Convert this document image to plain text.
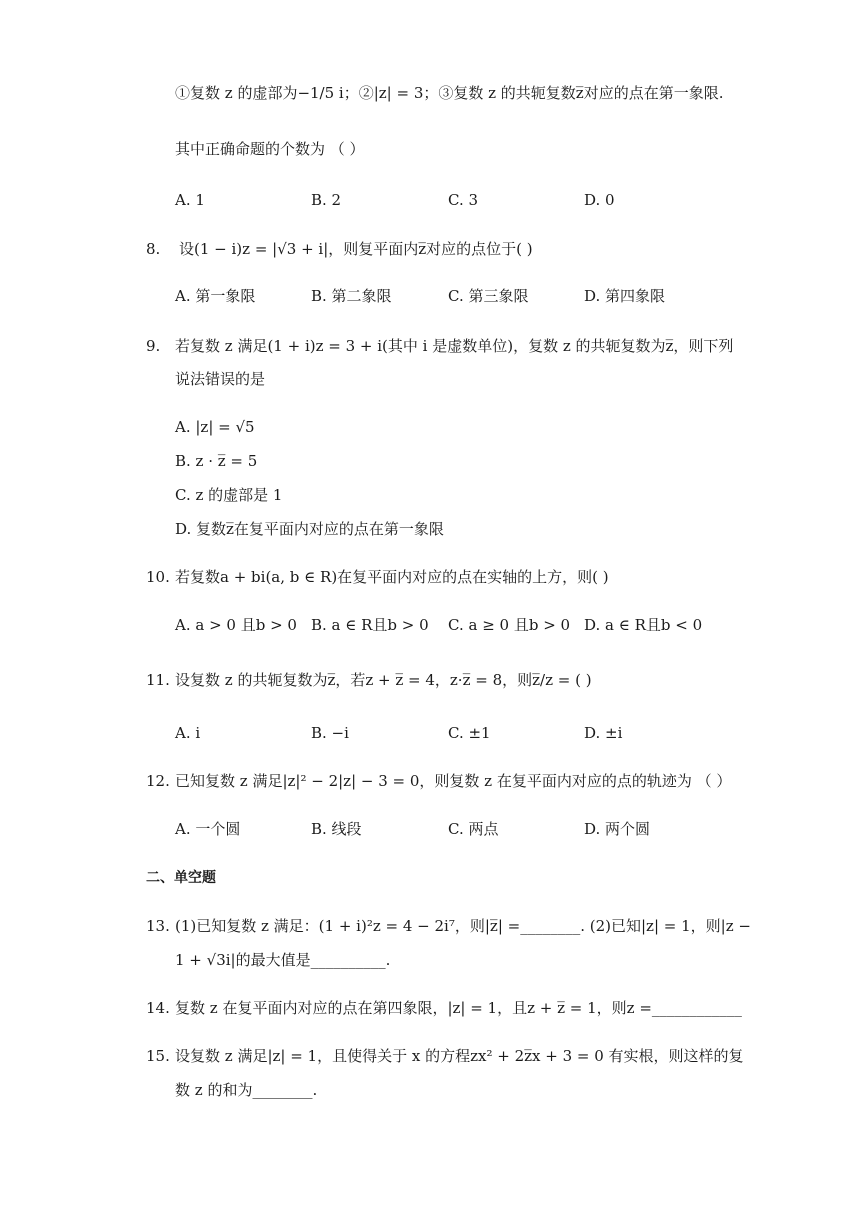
①复数 z 的虚部为−1/5 i；②|z| = 3；③复数 z 的共轭复数z̅对应的点在第一象限.
其中正确命题的个数为 （ ）
A. 1	B. 2	C. 3	D. 0
8. 设(1 − i)z = |√3 + i|，则复平面内z̅对应的点位于( )
A. 第一象限	B. 第二象限	C. 第三象限	D. 第四象限
9. 若复数 z 满足(1 + i)z = 3 + i(其中 i 是虚数单位)，复数 z 的共轭复数为z̅，则下列
说法错误的是
A. |z| = √5
B. z · z̅ = 5
C. z 的虚部是 1
D. 复数z̅在复平面内对应的点在第一象限
10. 若复数a + bi(a, b ∈ R)在复平面内对应的点在实轴的上方，则( )
A. a > 0 且b > 0 B. a ∈ R且b > 0 C. a ≥ 0 且b > 0 D. a ∈ R且b < 0
11. 设复数 z 的共轭复数为z̅，若z + z̅ = 4，z·z̅ = 8，则z̅/z = ( )
A. i	B. −i	C. ±1	D. ±i
12. 已知复数 z 满足|z|² − 2|z| − 3 = 0，则复数 z 在复平面内对应的点的轨迹为 （ ）
A. 一个圆	B. 线段	C. 两点	D. 两个圆
二、单空题
13. (1)已知复数 z 满足：(1 + i)²z = 4 − 2i⁷，则|z̅| =________. (2)已知|z| = 1，则|z −
1 + √3i|的最大值是__________.
14. 复数 z 在复平面内对应的点在第四象限，|z| = 1，且z + z̅ = 1，则z =____________
15. 设复数 z 满足|z| = 1，且使得关于 x 的方程zx² + 2z̅x + 3 = 0 有实根，则这样的复
数 z 的和为________.
